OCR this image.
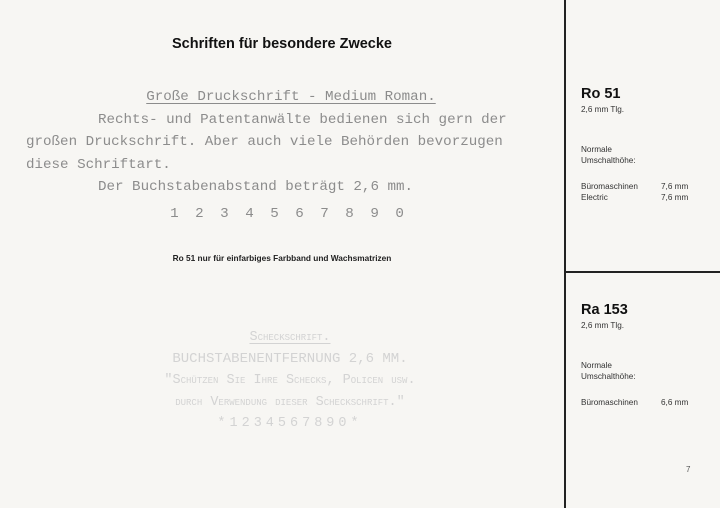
Schriften für besondere Zwecke
Große Druckschrift - Medium Roman.
Rechts- und Patentanwälte bedienen sich gern der
großen Druckschrift. Aber auch viele Behörden bevorzugen
diese Schriftart.
Der Buchstabenabstand beträgt 2,6 mm.
1 2 3 4 5 6 7 8 9 0
Ro 51 nur für einfarbiges Farbband und Wachsmatrizen
Scheckschrift.
BUCHSTABENENTFERNUNG 2,6 MM.
"Schützen Sie Ihre Schecks, Policen usw.
durch Verwendung dieser Scheckschrift."
*1234567890*
Ro 51
2,6 mm Tlg.
Normale
Umschalthöhe:
Büromaschinen	7,6 mm
Electric	7,6 mm
Ra 153
2,6 mm Tlg.
Normale
Umschalthöhe:
Büromaschinen	6,6 mm
7
